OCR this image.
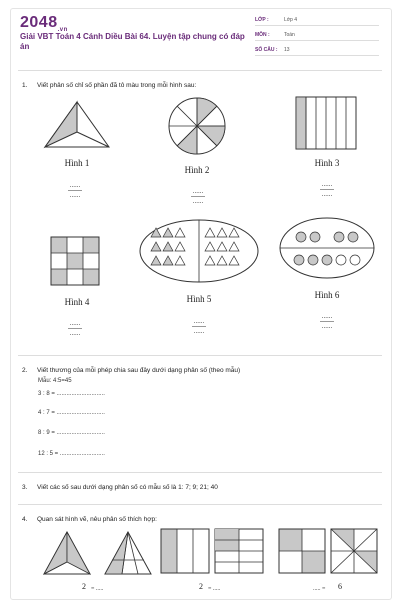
$2048_{.vn}$
Giải VBT Toán 4 Cánh Diều Bài 64. Luyện tập chung có đáp án
LỚP :	Lớp 4
MÔN :	Toán
SỐ CÂU : 13
1. Viết phân số chỉ số phần đã tô màu trong mỗi hình sau:
Hình 1
......
......
Hình 2
......
......
Hình 3
......
......
Hình 4
......
......
Hình 5
......
......
Hình 6
......
......
2. Viết thương của mỗi phép chia sau đây dưới dạng phân số (theo mẫu)
Mẫu: 4:5=45
3 : 8 = .............................
4 : 7 = .............................
8 : 9 = .............................
12 : 5 = ...........................
3. Viết các số sau dưới dạng phân số có mẫu số là 1: 7; 9; 21; 40
4. Quan sát hình vẽ, nêu phân số thích hợp:
2 = .....	2 = .....	..... = 6
